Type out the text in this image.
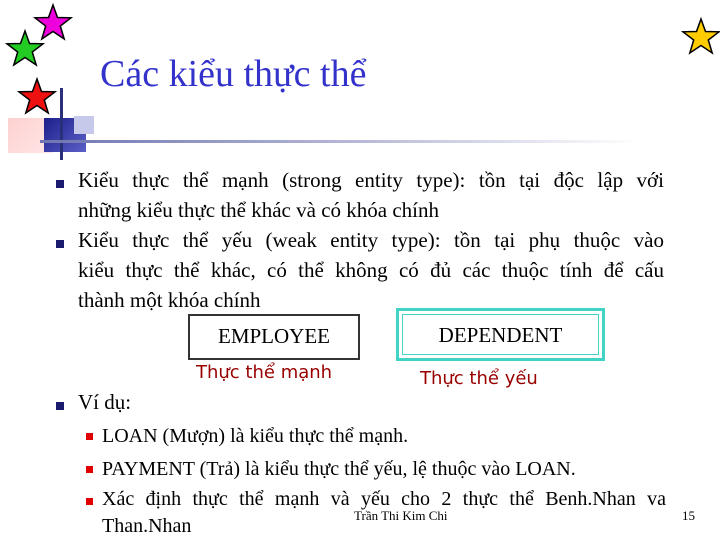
Các kiểu thực thể
Kiểu thực thể mạnh (strong entity type): tồn tại độc lập với
những kiểu thực thể khác và có khóa chính
Kiểu thực thể yếu (weak entity type): tồn tại phụ thuộc vào
kiểu thực thể khác, có thể không có đủ các thuộc tính để cấu
thành một khóa chính
EMPLOYEE	DEPENDENT
Thực thể mạnh	Thực thể yếu
Ví dụ:
LOAN (Mượn) là kiểu thực thể mạnh.
PAYMENT (Trả) là kiểu thực thể yếu, lệ thuộc vào LOAN.
Xác định thực thể mạnh và yếu cho 2 thực thể Benh.Nhan va
Than.Nhan	Trần Thi Kim Chi	15
